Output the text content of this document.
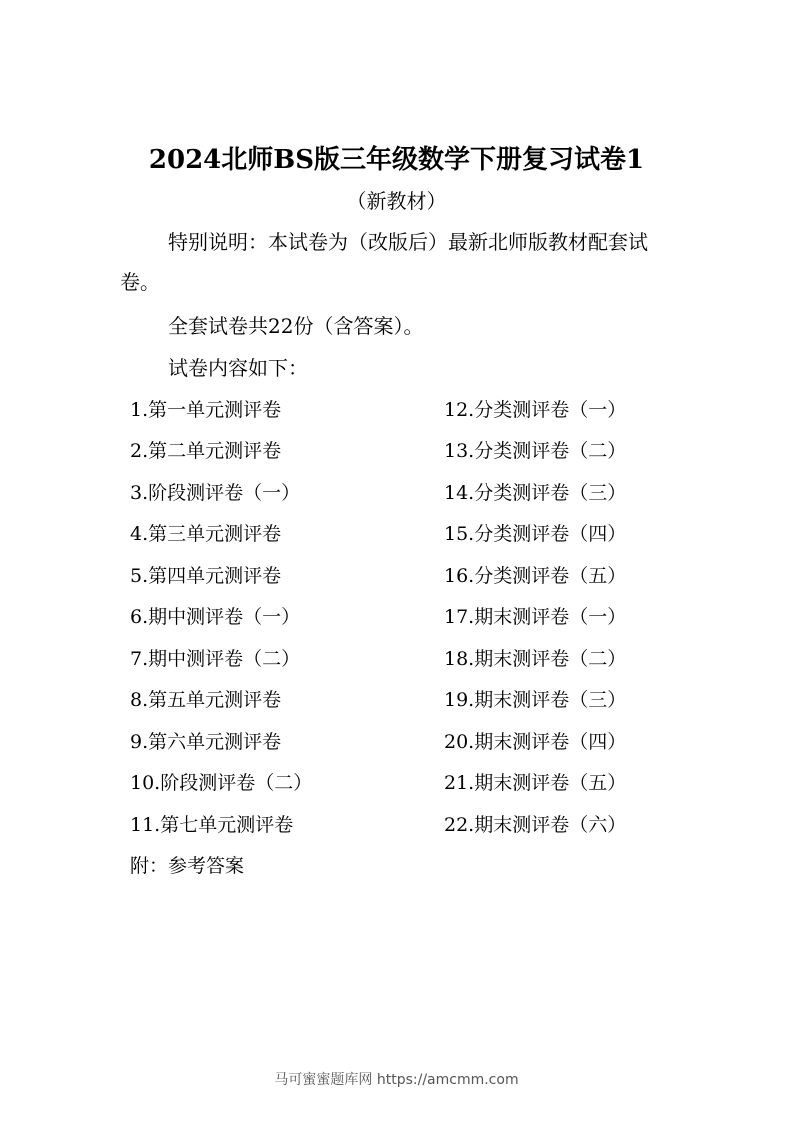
2024北师BS版三年级数学下册复习试卷1
（新教材）
特别说明：本试卷为（改版后）最新北师版教材配套试卷。
全套试卷共22份（含答案）。
试卷内容如下：
1.第一单元测评卷
2.第二单元测评卷
3.阶段测评卷（一）
4.第三单元测评卷
5.第四单元测评卷
6.期中测评卷（一）
7.期中测评卷（二）
8.第五单元测评卷
9.第六单元测评卷
10.阶段测评卷（二）
11.第七单元测评卷
12.分类测评卷（一）
13.分类测评卷（二）
14.分类测评卷（三）
15.分类测评卷（四）
16.分类测评卷（五）
17.期末测评卷（一）
18.期末测评卷（二）
19.期末测评卷（三）
20.期末测评卷（四）
21.期末测评卷（五）
22.期末测评卷（六）
附：参考答案
马可蜜蜜题库网 https://amcmm.com
